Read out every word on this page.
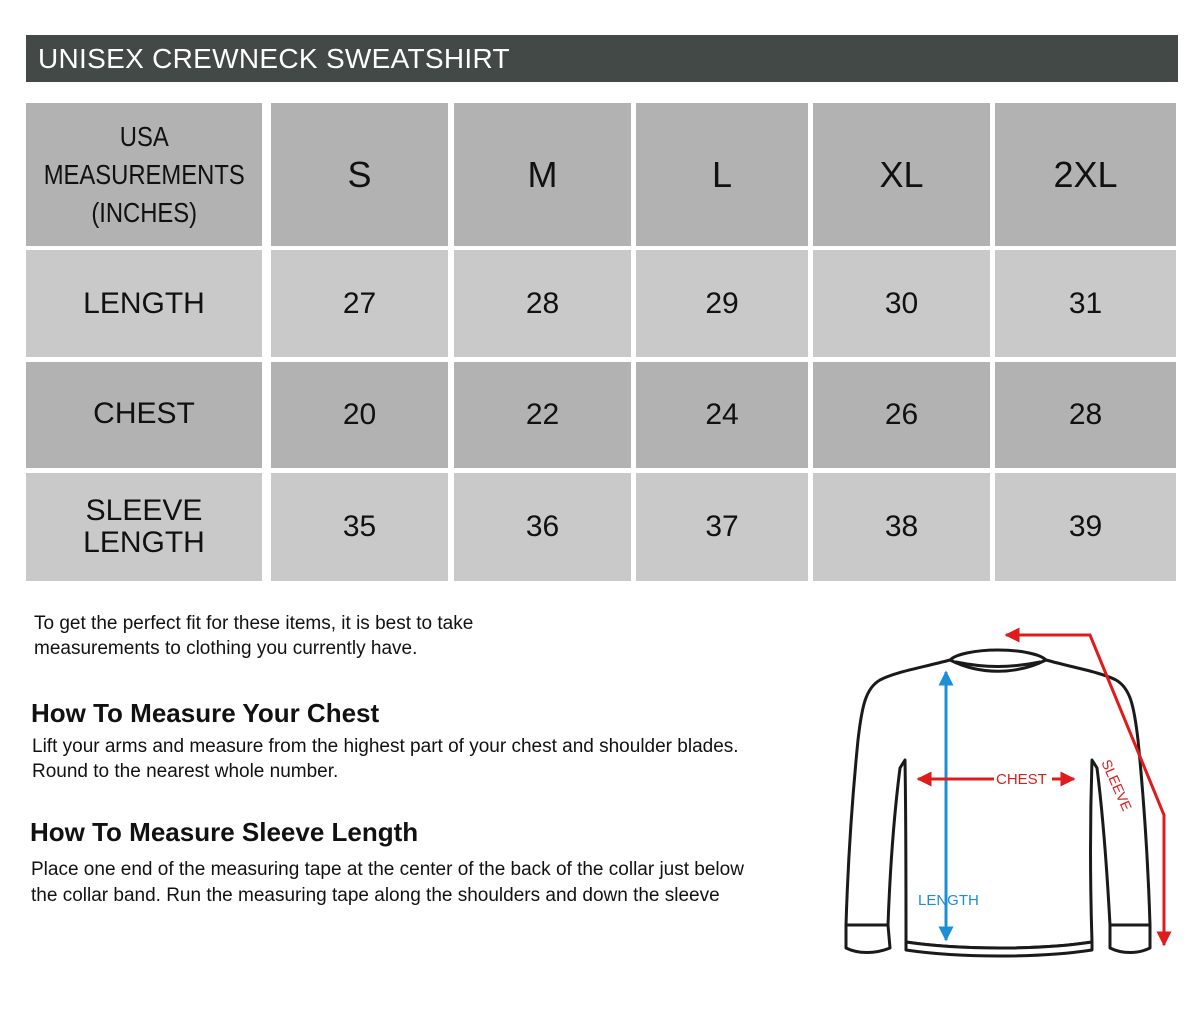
UNISEX CREWNECK SWEATSHIRT
USA
MEASUREMENTS
(INCHES)
S	M	L	XL	2XL
LENGTH	27	28	29	30	31
CHEST	20	22	24	26	28
SLEEVE
LENGTH	35	36	37	38	39
To get the perfect fit for these items, it is best to take
measurements to clothing you currently have.
How To Measure Your Chest
Lift your arms and measure from the highest part of your chest and shoulder blades.
Round to the nearest whole number.
How To Measure Sleeve Length
Place one end of the measuring tape at the center of the back of the collar just below
the collar band. Run the measuring tape along the shoulders and down the sleeve
CHEST
LENGTH
SLEEVE
